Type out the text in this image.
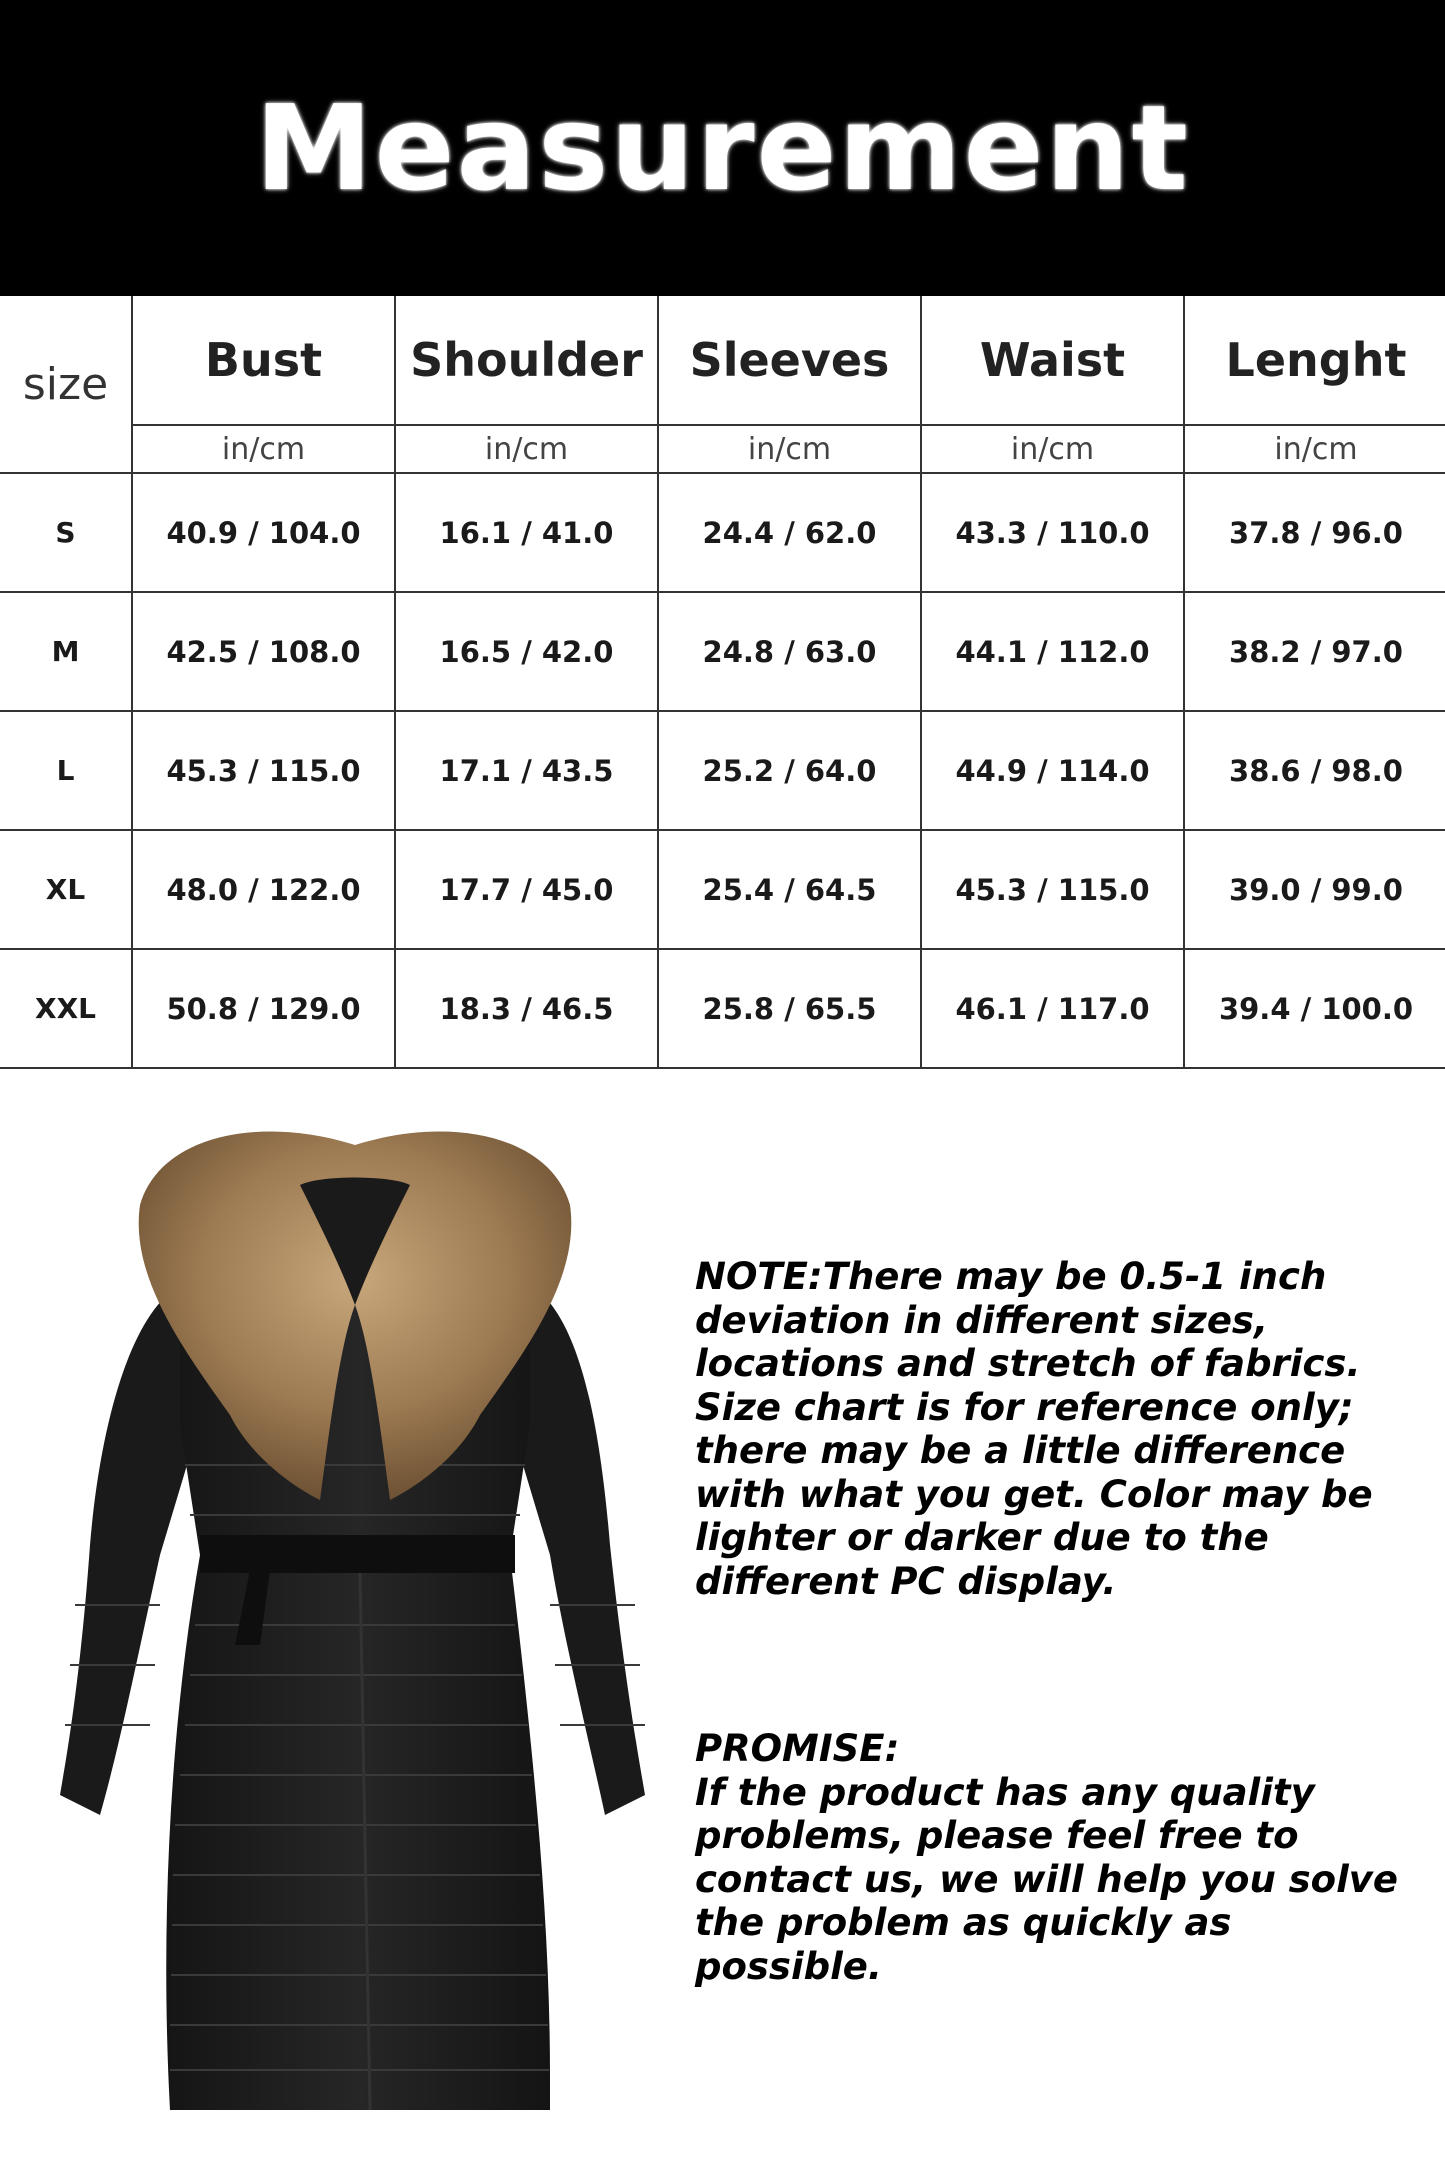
Measurement
size	Bust	Shoulder	Sleeves	Waist	Lenght
	in/cm	in/cm	in/cm	in/cm	in/cm
S	40.9 / 104.0	16.1 / 41.0	24.4 / 62.0	43.3 / 110.0	37.8 / 96.0
M	42.5 / 108.0	16.5 / 42.0	24.8 / 63.0	44.1 / 112.0	38.2 / 97.0
L	45.3 / 115.0	17.1 / 43.5	25.2 / 64.0	44.9 / 114.0	38.6 / 98.0
XL	48.0 / 122.0	17.7 / 45.0	25.4 / 64.5	45.3 / 115.0	39.0 / 99.0
XXL	50.8 / 129.0	18.3 / 46.5	25.8 / 65.5	46.1 / 117.0	39.4 / 100.0

NOTE:There may be 0.5-1 inch deviation in different sizes, locations and stretch of fabrics. Size chart is for reference only; there may be a little difference with what you get. Color may be lighter or darker due to the different PC display.

PROMISE:

If the product has any quality problems, please feel free to contact us, we will help you solve the problem as quickly as possible.
